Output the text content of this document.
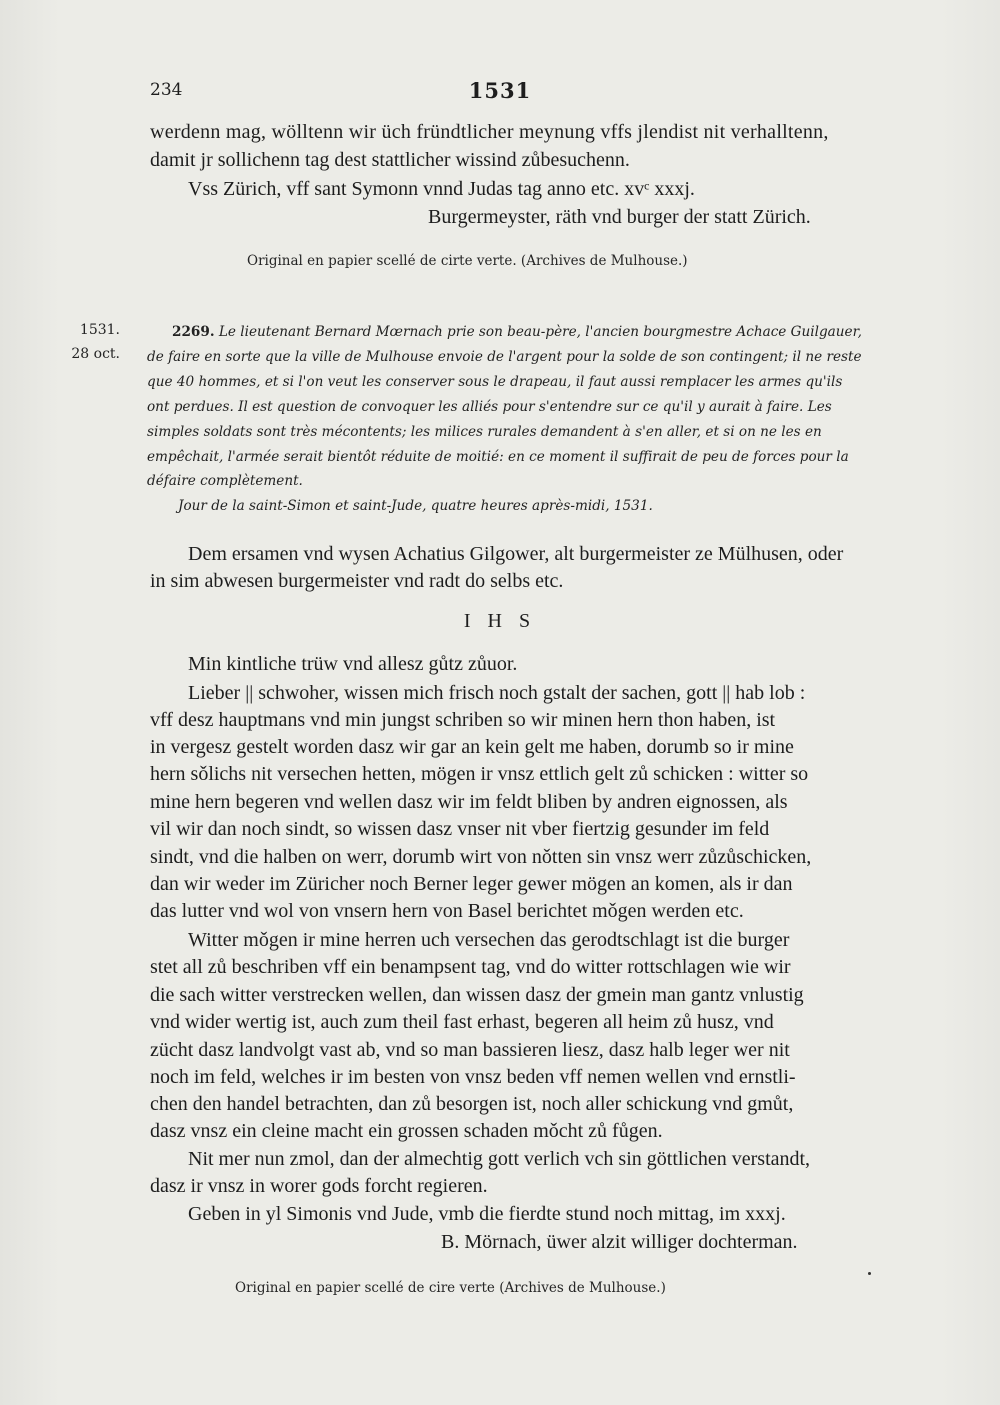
234	1531
werdenn mag, wölltenn wir üch fründtlicher meynung vffs jlendist nit verhalltenn,
damit jr sollichenn tag dest stattlicher wissind zůbesuchenn.
Vss Zürich, vff sant Symonn vnnd Judas tag anno etc. xvᶜ xxxj.
Burgermeyster, räth vnd burger der statt Zürich.
Original en papier scellé de cirte verte. (Archives de Mulhouse.)
1531.
28 oct.
2269. Le lieutenant Bernard Mœrnach prie son beau-père, l'ancien bourgmestre Achace Guilgauer,
de faire en sorte que la ville de Mulhouse envoie de l'argent pour la solde de son contingent; il ne reste
que 40 hommes, et si l'on veut les conserver sous le drapeau, il faut aussi remplacer les armes qu'ils
ont perdues. Il est question de convoquer les alliés pour s'entendre sur ce qu'il y aurait à faire. Les
simples soldats sont très mécontents; les milices rurales demandent à s'en aller, et si on ne les en
empêchait, l'armée serait bientôt réduite de moitié: en ce moment il suffirait de peu de forces pour la
défaire complètement.
Jour de la saint-Simon et saint-Jude, quatre heures après-midi, 1531.
Dem ersamen vnd wysen Achatius Gilgower, alt burgermeister ze Mülhusen, oder
in sim abwesen burgermeister vnd radt do selbs etc.
I H S
Min kintliche trüw vnd allesz gůtz zůuor.
Lieber || schwoher, wissen mich frisch noch gstalt der sachen, gott || hab lob :
vff desz hauptmans vnd min jungst schriben so wir minen hern thon haben, ist
in vergesz gestelt worden dasz wir gar an kein gelt me haben, dorumb so ir mine
hern sǒlichs nit versechen hetten, mögen ir vnsz ettlich gelt zů schicken : witter so
mine hern begeren vnd wellen dasz wir im feldt bliben by andren eignossen, als
vil wir dan noch sindt, so wissen dasz vnser nit vber fiertzig gesunder im feld
sindt, vnd die halben on werr, dorumb wirt von nǒtten sin vnsz werr zůzůschicken,
dan wir weder im Züricher noch Berner leger gewer mögen an komen, als ir dan
das lutter vnd wol von vnsern hern von Basel berichtet mǒgen werden etc.
Witter mǒgen ir mine herren uch versechen das gerodtschlagt ist die burger
stet all zů beschriben vff ein benampsent tag, vnd do witter rottschlagen wie wir
die sach witter verstrecken wellen, dan wissen dasz der gmein man gantz vnlustig
vnd wider wertig ist, auch zum theil fast erhast, begeren all heim zů husz, vnd
zücht dasz landvolgt vast ab, vnd so man bassieren liesz, dasz halb leger wer nit
noch im feld, welches ir im besten von vnsz beden vff nemen wellen vnd ernstli-
chen den handel betrachten, dan zů besorgen ist, noch aller schickung vnd gmůt,
dasz vnsz ein cleine macht ein grossen schaden mǒcht zů fůgen.
Nit mer nun zmol, dan der almechtig gott verlich vch sin göttlichen verstandt,
dasz ir vnsz in worer gods forcht regieren.
Geben in yl Simonis vnd Jude, vmb die fierdte stund noch mittag, im xxxj.
B. Mörnach, üwer alzit williger dochterman.
Original en papier scellé de cire verte (Archives de Mulhouse.)
